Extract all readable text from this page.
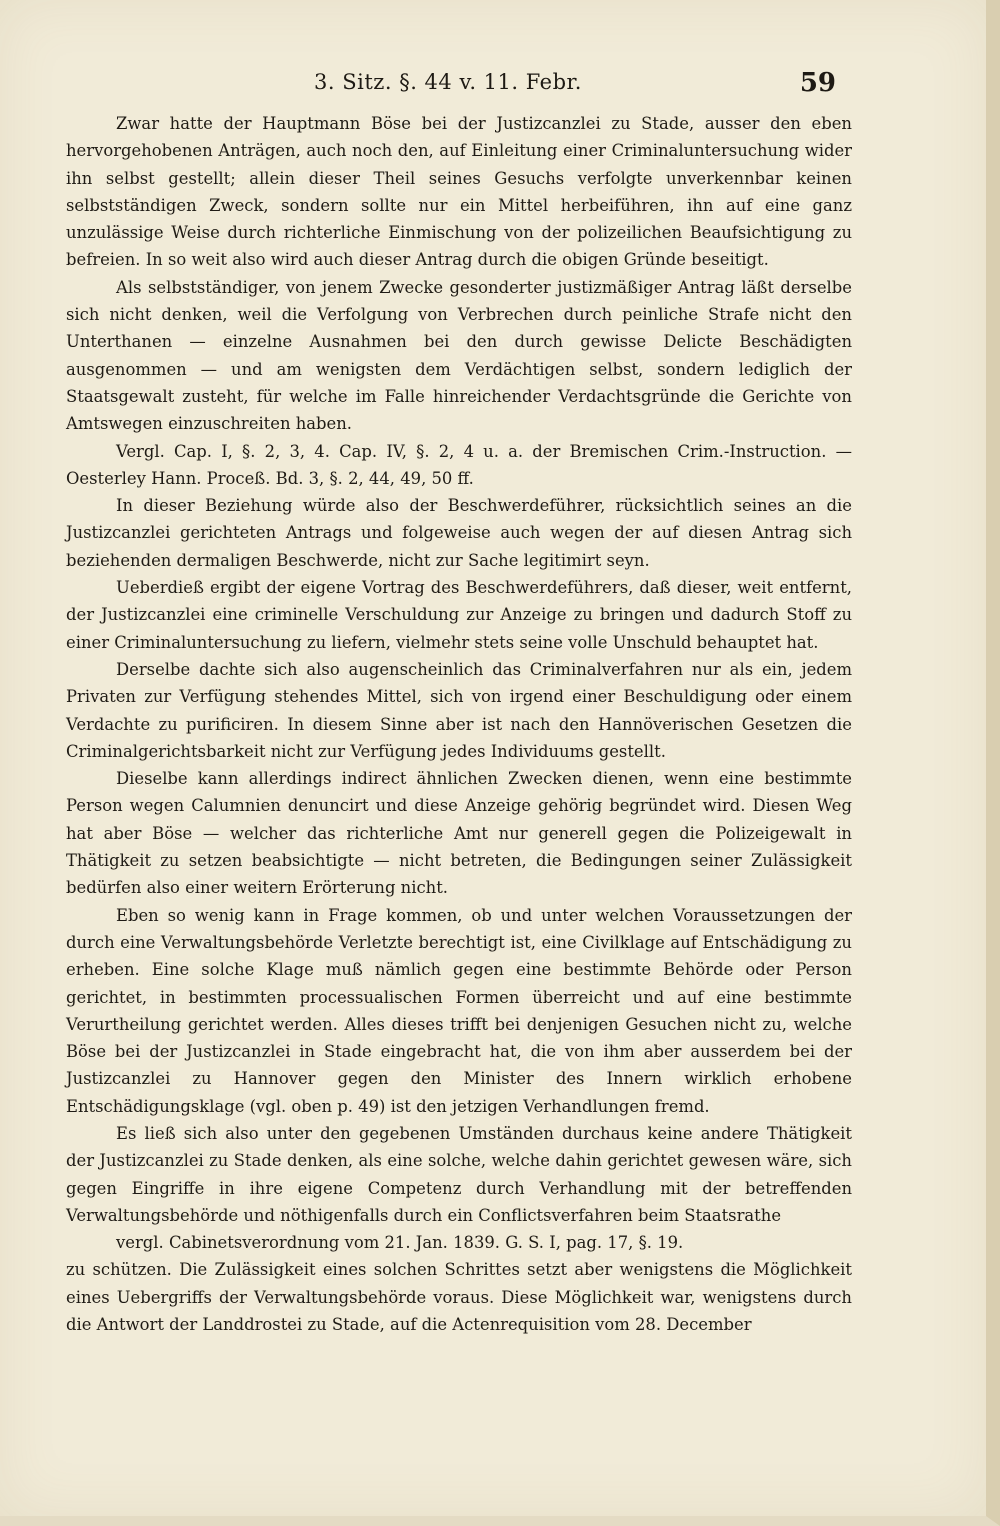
3. Sitz. §. 44 v. 11. Febr.	59

Zwar hatte der Hauptmann Böse bei der Justizcanzlei zu Stade, ausser den eben hervorgehobenen Anträgen, auch noch den, auf Einleitung einer Criminaluntersuchung wider ihn selbst gestellt; allein dieser Theil seines Gesuchs verfolgte unverkennbar keinen selbstständigen Zweck, sondern sollte nur ein Mittel herbeiführen, ihn auf eine ganz unzulässige Weise durch richterliche Einmischung von der polizeilichen Beaufsichtigung zu befreien. In so weit also wird auch dieser Antrag durch die obigen Gründe beseitigt.

Als selbstständiger, von jenem Zwecke gesonderter justizmäßiger Antrag läßt derselbe sich nicht denken, weil die Verfolgung von Verbrechen durch peinliche Strafe nicht den Unterthanen — einzelne Ausnahmen bei den durch gewisse Delicte Beschädigten ausgenommen — und am wenigsten dem Verdächtigen selbst, sondern lediglich der Staatsgewalt zusteht, für welche im Falle hinreichender Verdachtsgründe die Gerichte von Amtswegen einzuschreiten haben.

Vergl. Cap. I, §. 2, 3, 4. Cap. IV, §. 2, 4 u. a. der Bremischen Crim.-Instruction. — Oesterley Hann. Proceß. Bd. 3, §. 2, 44, 49, 50 ff.

In dieser Beziehung würde also der Beschwerdeführer, rücksichtlich seines an die Justizcanzlei gerichteten Antrags und folgeweise auch wegen der auf diesen Antrag sich beziehenden dermaligen Beschwerde, nicht zur Sache legitimirt seyn.

Ueberdieß ergibt der eigene Vortrag des Beschwerdeführers, daß dieser, weit entfernt, der Justizcanzlei eine criminelle Verschuldung zur Anzeige zu bringen und dadurch Stoff zu einer Criminaluntersuchung zu liefern, vielmehr stets seine volle Unschuld behauptet hat.

Derselbe dachte sich also augenscheinlich das Criminalverfahren nur als ein, jedem Privaten zur Verfügung stehendes Mittel, sich von irgend einer Beschuldigung oder einem Verdachte zu purificiren. In diesem Sinne aber ist nach den Hannöverischen Gesetzen die Criminalgerichtsbarkeit nicht zur Verfügung jedes Individuums gestellt.

Dieselbe kann allerdings indirect ähnlichen Zwecken dienen, wenn eine bestimmte Person wegen Calumnien denuncirt und diese Anzeige gehörig begründet wird. Diesen Weg hat aber Böse — welcher das richterliche Amt nur generell gegen die Polizeigewalt in Thätigkeit zu setzen beabsichtigte — nicht betreten, die Bedingungen seiner Zulässigkeit bedürfen also einer weitern Erörterung nicht.

Eben so wenig kann in Frage kommen, ob und unter welchen Voraussetzungen der durch eine Verwaltungsbehörde Verletzte berechtigt ist, eine Civilklage auf Entschädigung zu erheben. Eine solche Klage muß nämlich gegen eine bestimmte Behörde oder Person gerichtet, in bestimmten processualischen Formen überreicht und auf eine bestimmte Verurtheilung gerichtet werden. Alles dieses trifft bei denjenigen Gesuchen nicht zu, welche Böse bei der Justizcanzlei in Stade eingebracht hat, die von ihm aber ausserdem bei der Justizcanzlei zu Hannover gegen den Minister des Innern wirklich erhobene Entschädigungsklage (vgl. oben p. 49) ist den jetzigen Verhandlungen fremd.

Es ließ sich also unter den gegebenen Umständen durchaus keine andere Thätigkeit der Justizcanzlei zu Stade denken, als eine solche, welche dahin gerichtet gewesen wäre, sich gegen Eingriffe in ihre eigene Competenz durch Verhandlung mit der betreffenden Verwaltungsbehörde und nöthigenfalls durch ein Conflictsverfahren beim Staatsrathe

vergl. Cabinetsverordnung vom 21. Jan. 1839. G. S. I, pag. 17, §. 19.

zu schützen. Die Zulässigkeit eines solchen Schrittes setzt aber wenigstens die Möglichkeit eines Uebergriffs der Verwaltungsbehörde voraus. Diese Möglichkeit war, wenigstens durch die Antwort der Landdrostei zu Stade, auf die Actenrequisition vom 28. December
